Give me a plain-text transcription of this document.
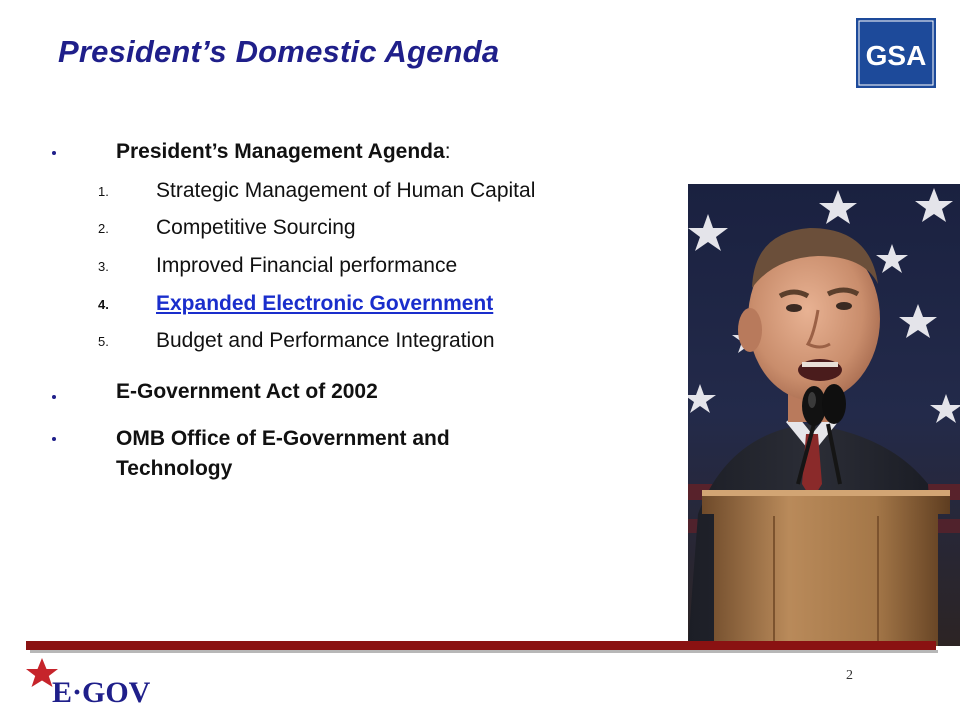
President’s Domestic Agenda	GSA
President’s Management Agenda:
1.	Strategic Management of Human Capital
2.	Competitive Sourcing
3.	Improved Financial performance
4.	Expanded Electronic Government
5.	Budget and Performance Integration
E-Government Act of 2002
OMB Office of E-Government and
Technology
E·GOV
2
